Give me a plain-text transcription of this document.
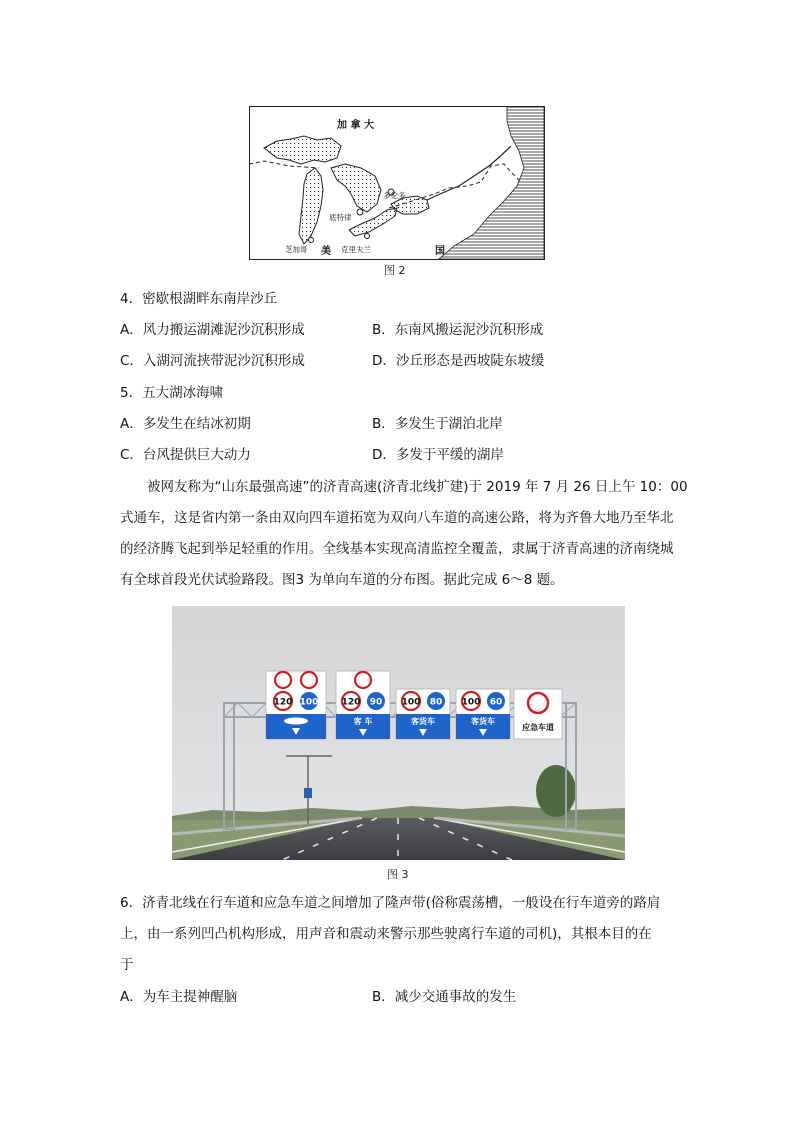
加 拿 大
多伦多
底特律
芝加哥	克里夫兰
美	国
图 2
4．密歇根湖畔东南岸沙丘
A．风力搬运湖滩泥沙沉积形成	B．东南风搬运泥沙沉积形成
C．入湖河流挟带泥沙沉积形成	D．沙丘形态是西坡陡东坡缓
5．五大湖冰海啸
A．多发生在结冰初期	B．多发生于湖泊北岸
C．台风提供巨大动力	D．多发于平缓的湖岸
被网友称为“山东最强高速”的济青高速(济青北线扩建)于 2019 年 7 月 26 日上午 10：00
式通车，这是省内第一条由双向四车道拓宽为双向八车道的高速公路，将为齐鲁大地乃至华北
的经济腾飞起到举足轻重的作用。全线基本实现高清监控全覆盖，隶属于济青高速的济南绕城
有全球首段光伏试验路段。图3 为单向车道的分布图。据此完成 6～8 题。
120 100	120 90
客 车
100 80
客货车
100 60
客货车
应急车道
图 3
6．济青北线在行车道和应急车道之间增加了隆声带(俗称震荡槽，一般设在行车道旁的路肩
上，由一系列凹凸机构形成，用声音和震动来警示那些驶离行车道的司机)，其根本目的在
于
A．为车主提神醒脑	B．减少交通事故的发生
